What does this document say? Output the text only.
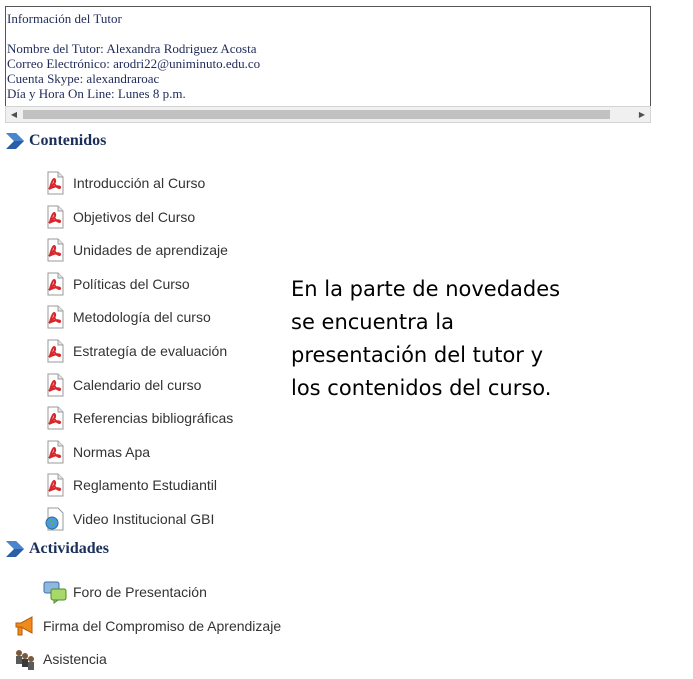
Información del Tutor
Nombre del Tutor: Alexandra Rodriguez Acosta
Correo Electrónico: arodri22@uniminuto.edu.co
Cuenta Skype: alexandraroac
Día y Hora On Line: Lunes 8 p.m.
◀	▶
Contenidos
Introducción al Curso
Objetivos del Curso
Unidades de aprendizaje
Políticas del Curso
Metodología del curso
Estrategía de evaluación
Calendario del curso
Referencias bibliográficas
Normas Apa
Reglamento Estudiantil
Video Institucional GBI
Actividades
Foro de Presentación
Firma del Compromiso de Aprendizaje
Asistencia
En la parte de novedades
se encuentra la
presentación del tutor y
los contenidos del curso.
